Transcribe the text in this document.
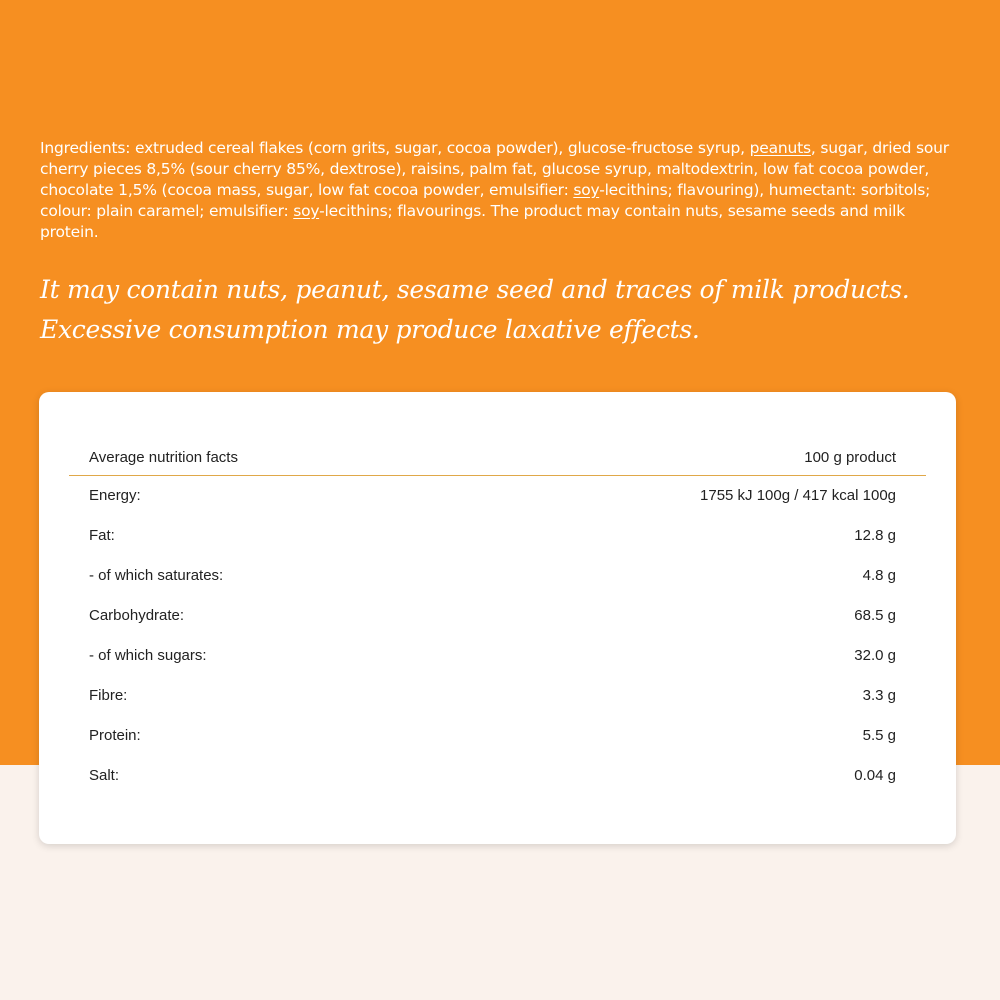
Ingredients: extruded cereal flakes (corn grits, sugar, cocoa powder), glucose-fructose syrup, peanuts, sugar, dried sour cherry pieces 8,5% (sour cherry 85%, dextrose), raisins, palm fat, glucose syrup, maltodextrin, low fat cocoa powder, chocolate 1,5% (cocoa mass, sugar, low fat cocoa powder, emulsifier: soy-lecithins; flavouring), humectant: sorbitols; colour: plain caramel; emulsifier: soy-lecithins; flavourings. The product may contain nuts, sesame seeds and milk protein.

It may contain nuts, peanut, sesame seed and traces of milk products.
Excessive consumption may produce laxative effects.
Average nutrition facts	100 g product
Energy:	1755 kJ 100g / 417 kcal 100g
Fat:	12.8 g
- of which saturates:	4.8 g
Carbohydrate:	68.5 g
- of which sugars:	32.0 g
Fibre:	3.3 g
Protein:	5.5 g
Salt:	0.04 g
